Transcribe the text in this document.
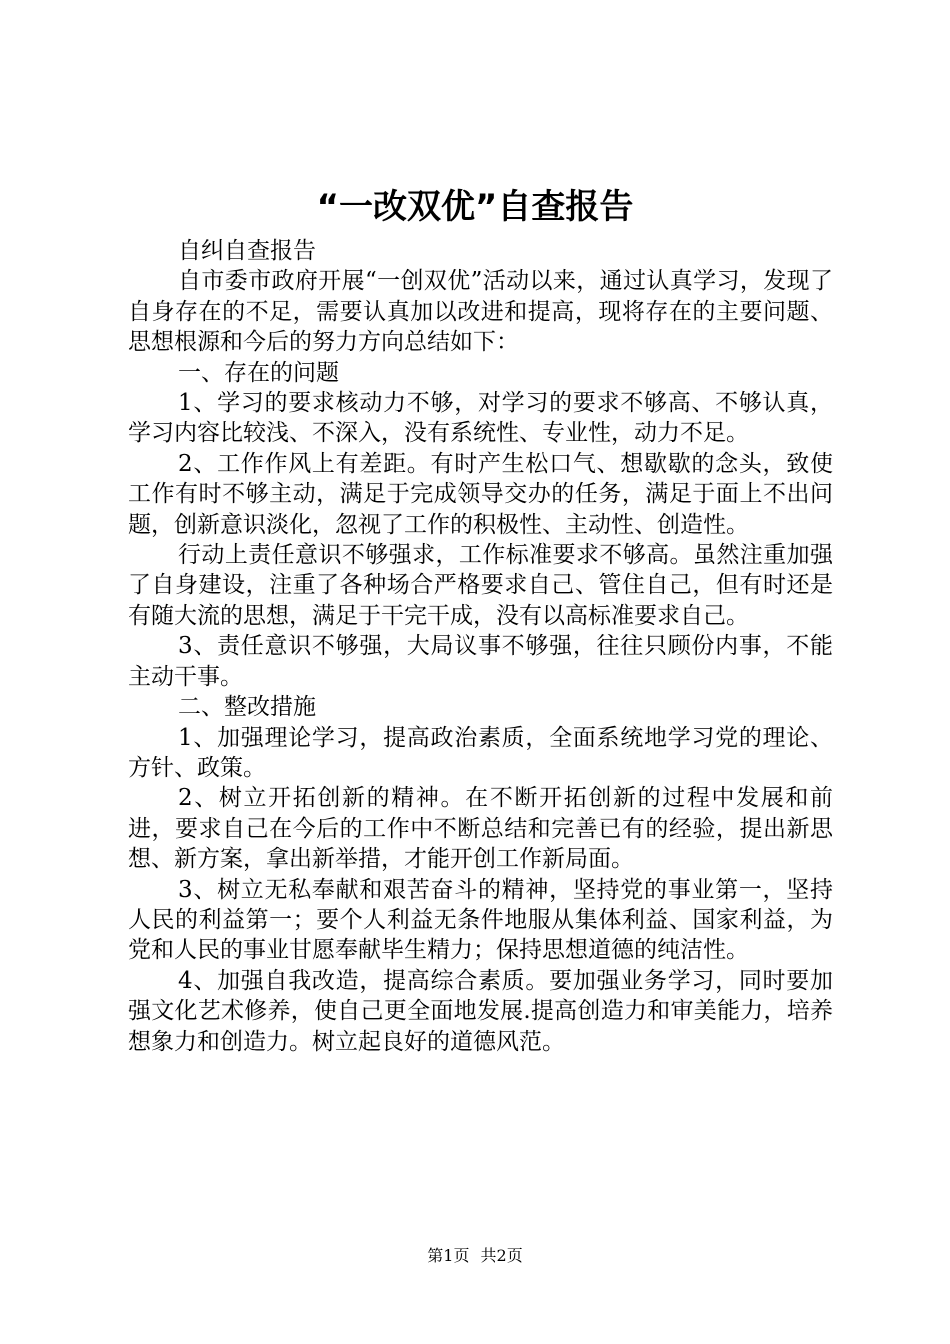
“一改双优”自查报告

自纠自查报告

自市委市政府开展“一创双优”活动以来，通过认真学习，发现了自身存在的不足，需要认真加以改进和提高，现将存在的主要问题、思想根源和今后的努力方向总结如下：

一、存在的问题

1、学习的要求核动力不够，对学习的要求不够高、不够认真，学习内容比较浅、不深入，没有系统性、专业性，动力不足。

2、工作作风上有差距。有时产生松口气、想歇歇的念头，致使工作有时不够主动，满足于完成领导交办的任务，满足于面上不出问题，创新意识淡化，忽视了工作的积极性、主动性、创造性。

行动上责任意识不够强求，工作标准要求不够高。虽然注重加强了自身建设，注重了各种场合严格要求自己、管住自己，但有时还是有随大流的思想，满足于干完干成，没有以高标准要求自己。

3、责任意识不够强，大局议事不够强，往往只顾份内事，不能主动干事。

二、整改措施

1、加强理论学习，提高政治素质，全面系统地学习党的理论、方针、政策。

2、树立开拓创新的精神。在不断开拓创新的过程中发展和前进，要求自己在今后的工作中不断总结和完善已有的经验，提出新思想、新方案，拿出新举措，才能开创工作新局面。

3、树立无私奉献和艰苦奋斗的精神，坚持党的事业第一，坚持人民的利益第一；要个人利益无条件地服从集体利益、国家利益，为党和人民的事业甘愿奉献毕生精力；保持思想道德的纯洁性。

4、加强自我改造，提高综合素质。要加强业务学习，同时要加强文化艺术修养，使自己更全面地发展.提高创造力和审美能力，培养想象力和创造力。树立起良好的道德风范。

第1页 共2页
